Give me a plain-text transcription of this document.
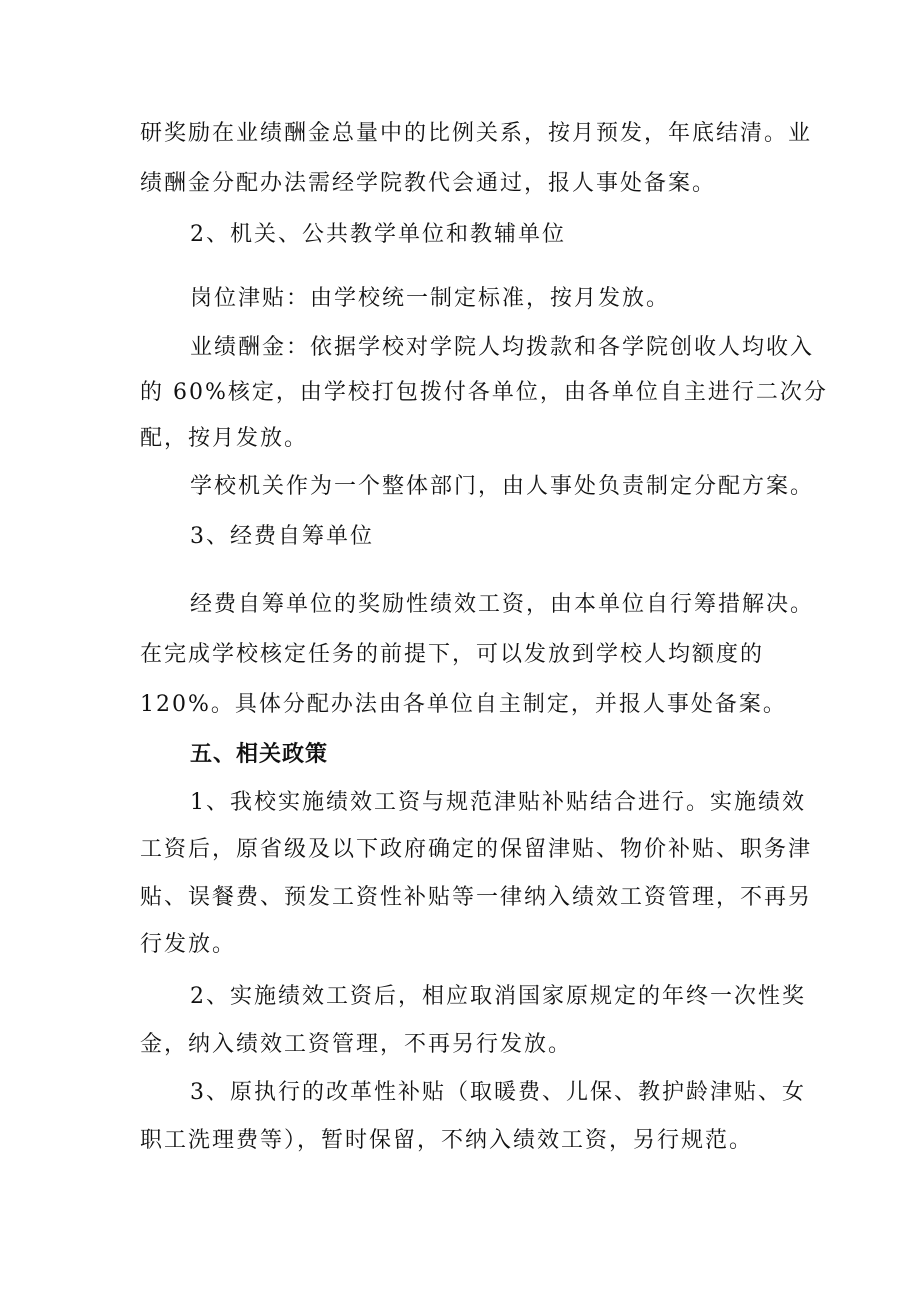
研奖励在业绩酬金总量中的比例关系，按月预发，年底结清。业
绩酬金分配办法需经学院教代会通过，报人事处备案。
2、机关、公共教学单位和教辅单位
岗位津贴：由学校统一制定标准，按月发放。
业绩酬金：依据学校对学院人均拨款和各学院创收人均收入
的 60%核定，由学校打包拨付各单位，由各单位自主进行二次分
配，按月发放。
学校机关作为一个整体部门，由人事处负责制定分配方案。
3、经费自筹单位
经费自筹单位的奖励性绩效工资，由本单位自行筹措解决。
在完成学校核定任务的前提下，可以发放到学校人均额度的
120%。具体分配办法由各单位自主制定，并报人事处备案。
五、相关政策
1、我校实施绩效工资与规范津贴补贴结合进行。实施绩效
工资后，原省级及以下政府确定的保留津贴、物价补贴、职务津
贴、误餐费、预发工资性补贴等一律纳入绩效工资管理，不再另
行发放。
2、实施绩效工资后，相应取消国家原规定的年终一次性奖
金，纳入绩效工资管理，不再另行发放。
3、原执行的改革性补贴（取暖费、儿保、教护龄津贴、女
职工洗理费等），暂时保留，不纳入绩效工资，另行规范。
